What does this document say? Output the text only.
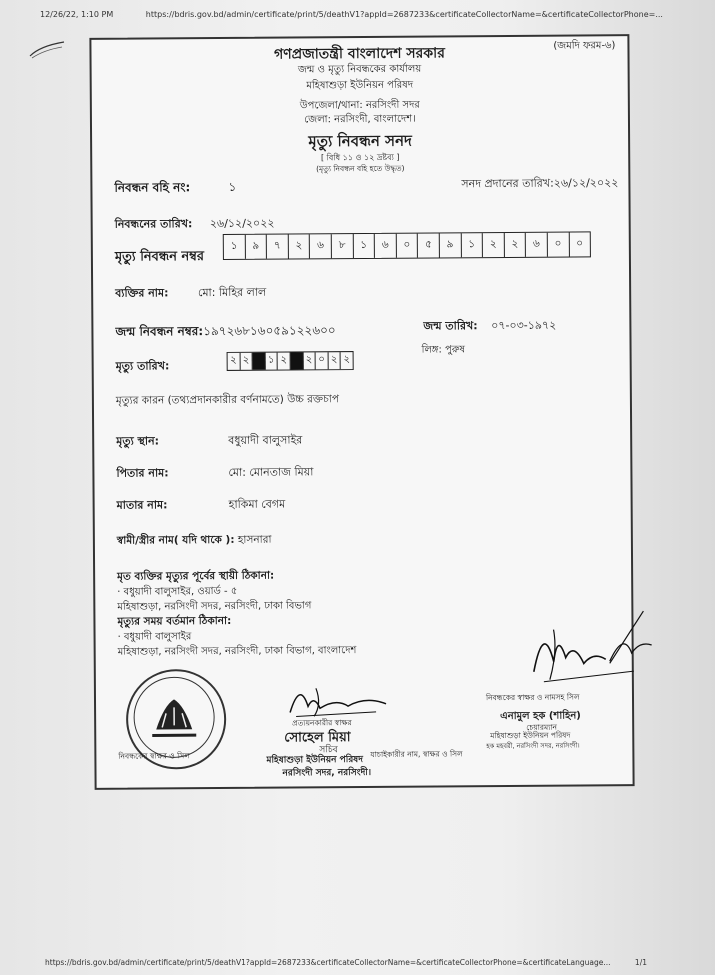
12/26/22, 1:10 PM	https://bdris.gov.bd/admin/certificate/print/5/deathV1?appId=2687233&certificateCollectorName=&certificateCollectorPhone=...
(জমদি ফরম-৬)
গণপ্রজাতন্ত্রী বাংলাদেশ সরকার
জন্ম ও মৃত্যু নিবন্ধকের কার্যালয়
মহিষাশুড়া ইউনিয়ন পরিষদ
উপজেলা/থানা: নরসিংদী সদর
জেলা: নরসিংদী, বাংলাদেশ।
মৃত্যু নিবন্ধন সনদ
[ বিধি ১১ ও ১২ দ্রষ্টব্য ]
(মৃত্যু নিবন্ধন বহি হতে উদ্ধৃত)
নিবন্ধন বহি নং:	১	সনদ প্রদানের তারিখ:২৬/১২/২০২২
নিবন্ধনের তারিখ: ২৬/১২/২০২২
মৃত্যু নিবন্ধন নম্বর
১	৯	৭	২	৬	৮	১	৬	০	৫	৯	১	২	২	৬	০	০
ব্যক্তির নাম:	মো: মিহির লাল
জন্ম নিবন্ধন নম্বর:১৯৭২৬৮১৬০৫৯১২২৬০০	জন্ম তারিখ: ০৭-০৩-১৯৭২
মৃত্যু তারিখ:	২ ২	১ ২	২ ০ ২ ২
লিঙ্গ: পুরুষ
মৃত্যুর কারন (তথ্যপ্রদানকারীর বর্ণনামতে) উচ্চ রক্তচাপ
মৃত্যু স্থান:	বধুয়াদী বালুসাইর
পিতার নাম:	মো: মোনতাজ মিয়া
মাতার নাম:	হাকিমা বেগম
স্বামী/স্ত্রীর নাম( যদি থাকে ): হাসনারা
মৃত ব্যক্তির মৃত্যুর পূর্বের স্থায়ী ঠিকানা:
· বধুয়াদী বালুসাইর, ওয়ার্ড - ৫
মহিষাশুড়া, নরসিংদী সদর, নরসিংদী, ঢাকা বিভাগ
মৃত্যুর সময় বর্তমান ঠিকানা:
· বধুয়াদী বালুসাইর
মহিষাশুড়া, নরসিংদী সদর, নরসিংদী, ঢাকা বিভাগ, বাংলাদেশ
প্রত্যয়নকারীর স্বাক্ষর
সোহেল মিয়া
সচিব
মহিষাশুড়া ইউনিয়ন পরিষদ
নরসিংদী সদর, নরসিংদী।
নিবন্ধকের স্বাক্ষর ও সিল	যাচাইকারীর নাম, স্বাক্ষর ও সিল
নিবন্ধকের স্বাক্ষর ও নামসহ সিল
এনামুল হক (শাহিন)
চেয়ারম্যান
মহিষাশুড়া ইউনিয়ন পরিষদ
হক মহবরী, নরসিংদী সদর, নরসিংদী।
https://bdris.gov.bd/admin/certificate/print/5/deathV1?appId=2687233&certificateCollectorName=&certificateCollectorPhone=&certificateLanguage...	1/1
